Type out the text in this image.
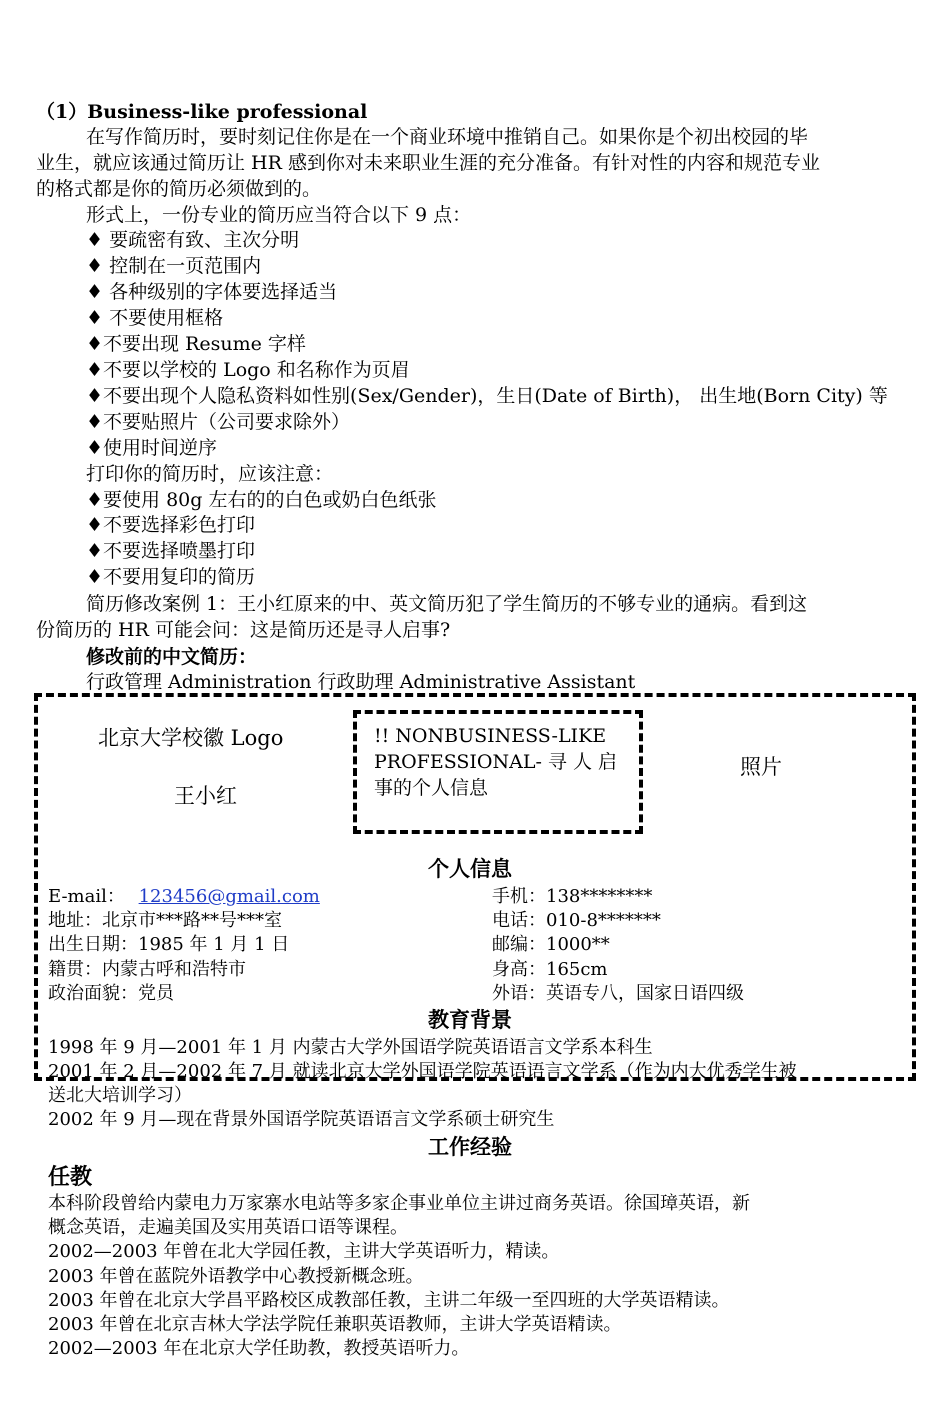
（1）Business-like professional
在写作简历时，要时刻记住你是在一个商业环境中推销自己。如果你是个初出校园的毕
业生，就应该通过简历让 HR 感到你对未来职业生涯的充分准备。有针对性的内容和规范专业
的格式都是你的简历必须做到的。
形式上，一份专业的简历应当符合以下 9 点：
♦ 要疏密有致、主次分明
♦ 控制在一页范围内
♦ 各种级别的字体要选择适当
♦ 不要使用框格
♦不要出现 Resume 字样
♦不要以学校的 Logo 和名称作为页眉
♦不要出现个人隐私资料如性别(Sex/Gender)，生日(Date of Birth)， 出生地(Born City) 等
♦不要贴照片（公司要求除外）
♦使用时间逆序
打印你的简历时，应该注意：
♦要使用 80g 左右的的白色或奶白色纸张
♦不要选择彩色打印
♦不要选择喷墨打印
♦不要用复印的简历
简历修改案例 1：王小红原来的中、英文简历犯了学生简历的不够专业的通病。看到这
份简历的 HR 可能会问：这是简历还是寻人启事?
修改前的中文简历：
行政管理 Administration 行政助理 Administrative Assistant
北京大学校徽 Logo
王小红
!! NONBUSINESS-LIKE PROFESSIONAL- 寻 人 启 事的个人信息
照片
个人信息
E-mail： 123456@gmail.com
地址：北京市***路**号***室
出生日期：1985 年 1 月 1 日
籍贯：内蒙古呼和浩特市
政治面貌：党员
手机：138********
电话：010-8*******
邮编：1000**
身高：165cm
外语：英语专八，国家日语四级
教育背景
1998 年 9 月—2001 年 1 月 内蒙古大学外国语学院英语语言文学系本科生
2001 年 2 月—2002 年 7 月 就读北京大学外国语学院英语语言文学系（作为内大优秀学生被
送北大培训学习）
2002 年 9 月—现在背景外国语学院英语语言文学系硕士研究生
工作经验
任教
本科阶段曾给内蒙电力万家寨水电站等多家企事业单位主讲过商务英语。徐国璋英语，新
概念英语，走遍美国及实用英语口语等课程。
2002—2003 年曾在北大学园任教，主讲大学英语听力，精读。
2003 年曾在蓝院外语教学中心教授新概念班。
2003 年曾在北京大学昌平路校区成教部任教，主讲二年级一至四班的大学英语精读。
2003 年曾在北京吉林大学法学院任兼职英语教师，主讲大学英语精读。
2002—2003 年在北京大学任助教，教授英语听力。
